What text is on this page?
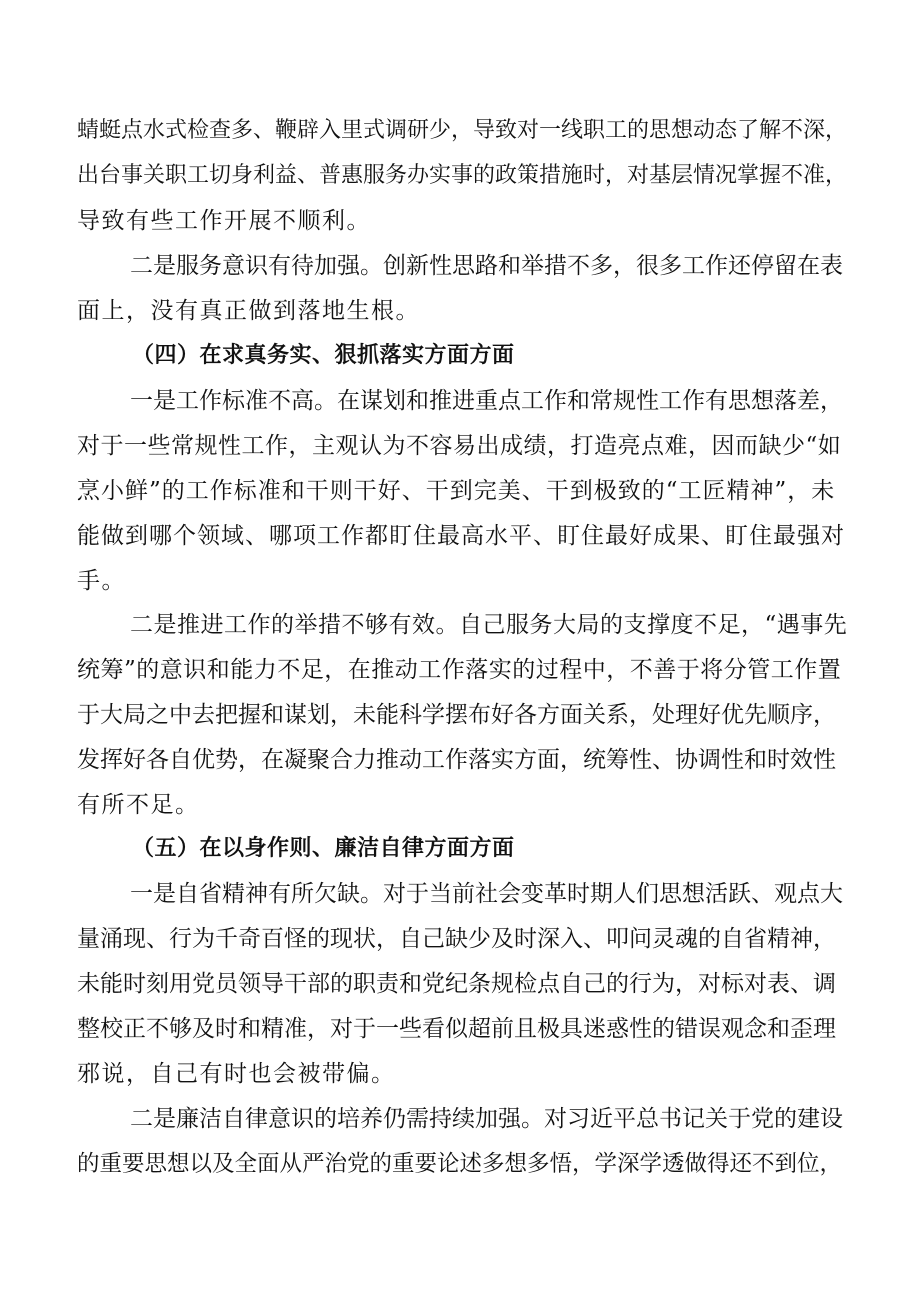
蜻蜓点水式检查多、鞭辟入里式调研少，导致对一线职工的思想动态了解不深，
出台事关职工切身利益、普惠服务办实事的政策措施时，对基层情况掌握不准，
导致有些工作开展不顺利。
二是服务意识有待加强。创新性思路和举措不多，很多工作还停留在表
面上，没有真正做到落地生根。
（四）在求真务实、狠抓落实方面方面
一是工作标准不高。在谋划和推进重点工作和常规性工作有思想落差，
对于一些常规性工作，主观认为不容易出成绩，打造亮点难，因而缺少“如
烹小鲜”的工作标准和干则干好、干到完美、干到极致的“工匠精神”，未
能做到哪个领域、哪项工作都盯住最高水平、盯住最好成果、盯住最强对
手。
二是推进工作的举措不够有效。自己服务大局的支撑度不足，“遇事先
统筹”的意识和能力不足，在推动工作落实的过程中，不善于将分管工作置
于大局之中去把握和谋划，未能科学摆布好各方面关系，处理好优先顺序，
发挥好各自优势，在凝聚合力推动工作落实方面，统筹性、协调性和时效性
有所不足。
（五）在以身作则、廉洁自律方面方面
一是自省精神有所欠缺。对于当前社会变革时期人们思想活跃、观点大
量涌现、行为千奇百怪的现状，自己缺少及时深入、叩问灵魂的自省精神，
未能时刻用党员领导干部的职责和党纪条规检点自己的行为，对标对表、调
整校正不够及时和精准，对于一些看似超前且极具迷惑性的错误观念和歪理
邪说，自己有时也会被带偏。
二是廉洁自律意识的培养仍需持续加强。对习近平总书记关于党的建设
的重要思想以及全面从严治党的重要论述多想多悟，学深学透做得还不到位，
